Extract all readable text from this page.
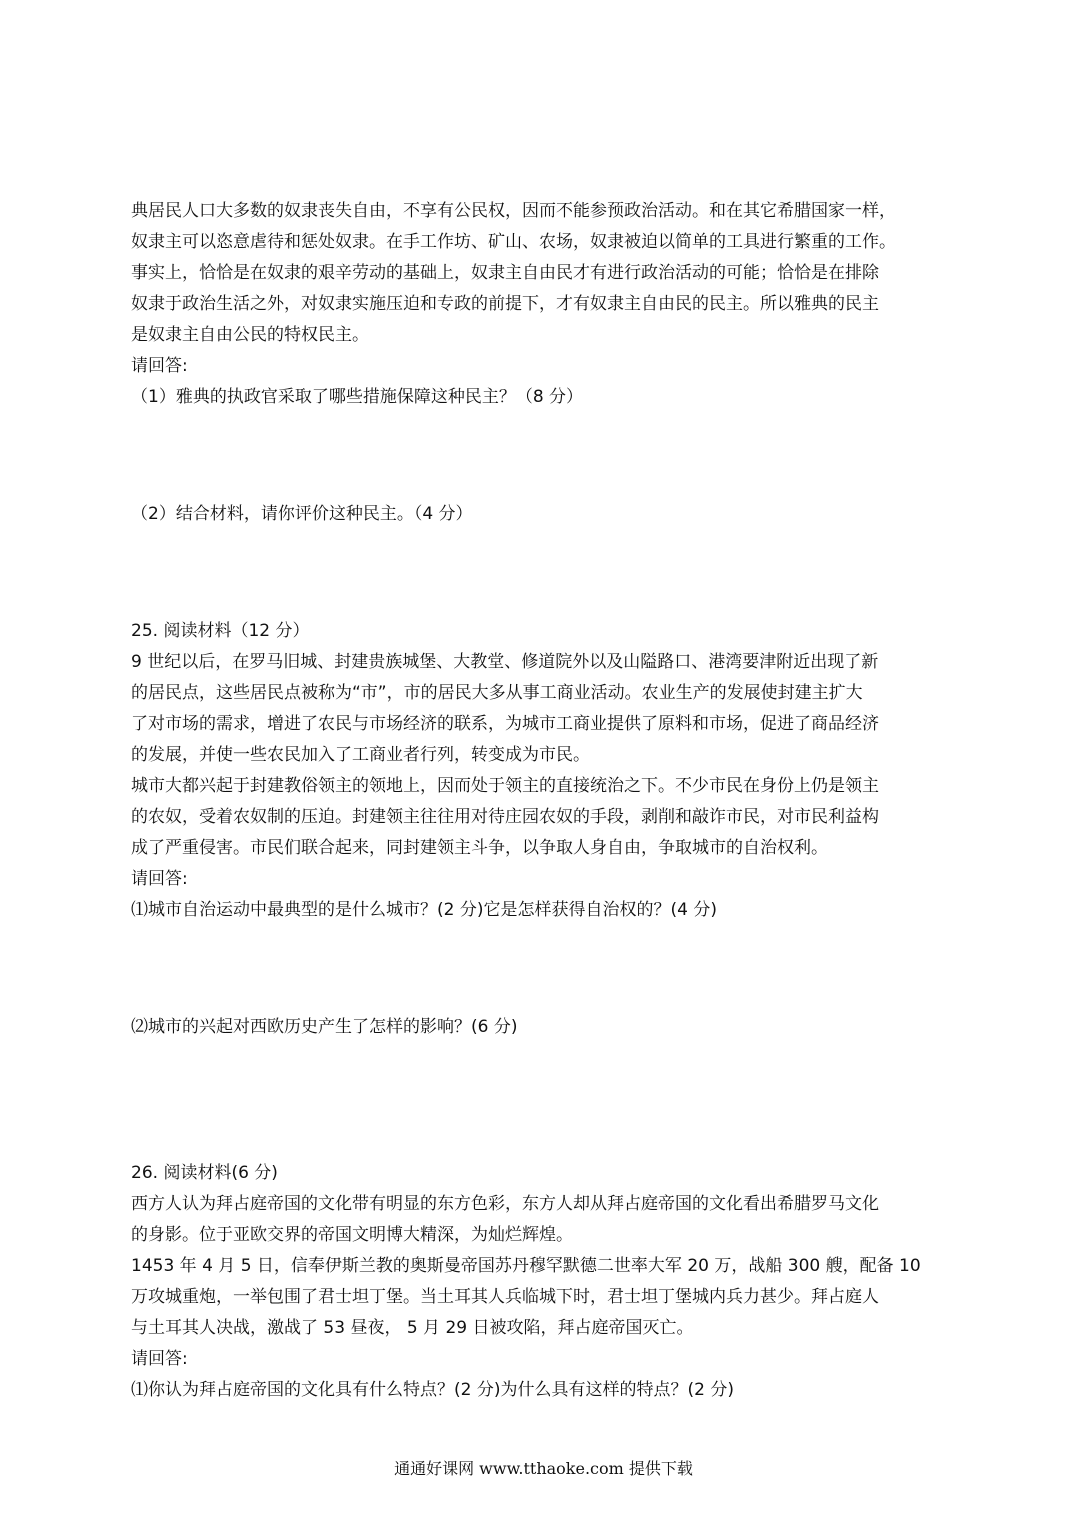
典居民人口大多数的奴隶丧失自由，不享有公民权，因而不能参预政治活动。和在其它希腊国家一样，
奴隶主可以恣意虐待和惩处奴隶。在手工作坊、矿山、农场，奴隶被迫以简单的工具进行繁重的工作。
事实上，恰恰是在奴隶的艰辛劳动的基础上，奴隶主自由民才有进行政治活动的可能；恰恰是在排除
奴隶于政治生活之外，对奴隶实施压迫和专政的前提下，才有奴隶主自由民的民主。所以雅典的民主
是奴隶主自由公民的特权民主。
请回答:
（1）雅典的执政官采取了哪些措施保障这种民主？（8 分）
（2）结合材料，请你评价这种民主。（4 分）
25. 阅读材料（12 分）
9 世纪以后，在罗马旧城、封建贵族城堡、大教堂、修道院外以及山隘路口、港湾要津附近出现了新
的居民点，这些居民点被称为“市”，市的居民大多从事工商业活动。农业生产的发展使封建主扩大
了对市场的需求，增进了农民与市场经济的联系，为城市工商业提供了原料和市场，促进了商品经济
的发展，并使一些农民加入了工商业者行列，转变成为市民。
城市大都兴起于封建教俗领主的领地上，因而处于领主的直接统治之下。不少市民在身份上仍是领主
的农奴，受着农奴制的压迫。封建领主往往用对待庄园农奴的手段，剥削和敲诈市民，对市民利益构
成了严重侵害。市民们联合起来，同封建领主斗争，以争取人身自由，争取城市的自治权利。
请回答:
⑴城市自治运动中最典型的是什么城市？(2 分)它是怎样获得自治权的？(4 分)
⑵城市的兴起对西欧历史产生了怎样的影响？(6 分)
26. 阅读材料(6 分)
西方人认为拜占庭帝国的文化带有明显的东方色彩，东方人却从拜占庭帝国的文化看出希腊罗马文化
的身影。位于亚欧交界的帝国文明博大精深，为灿烂辉煌。
1453 年 4 月 5 日，信奉伊斯兰教的奥斯曼帝国苏丹穆罕默德二世率大军 20 万，战船 300 艘，配备 10
万攻城重炮，一举包围了君士坦丁堡。当土耳其人兵临城下时，君士坦丁堡城内兵力甚少。拜占庭人
与土耳其人决战，激战了 53 昼夜， 5 月 29 日被攻陷，拜占庭帝国灭亡。
请回答:
⑴你认为拜占庭帝国的文化具有什么特点？(2 分)为什么具有这样的特点？(2 分)
通通好课网 www.tthaoke.com 提供下载
